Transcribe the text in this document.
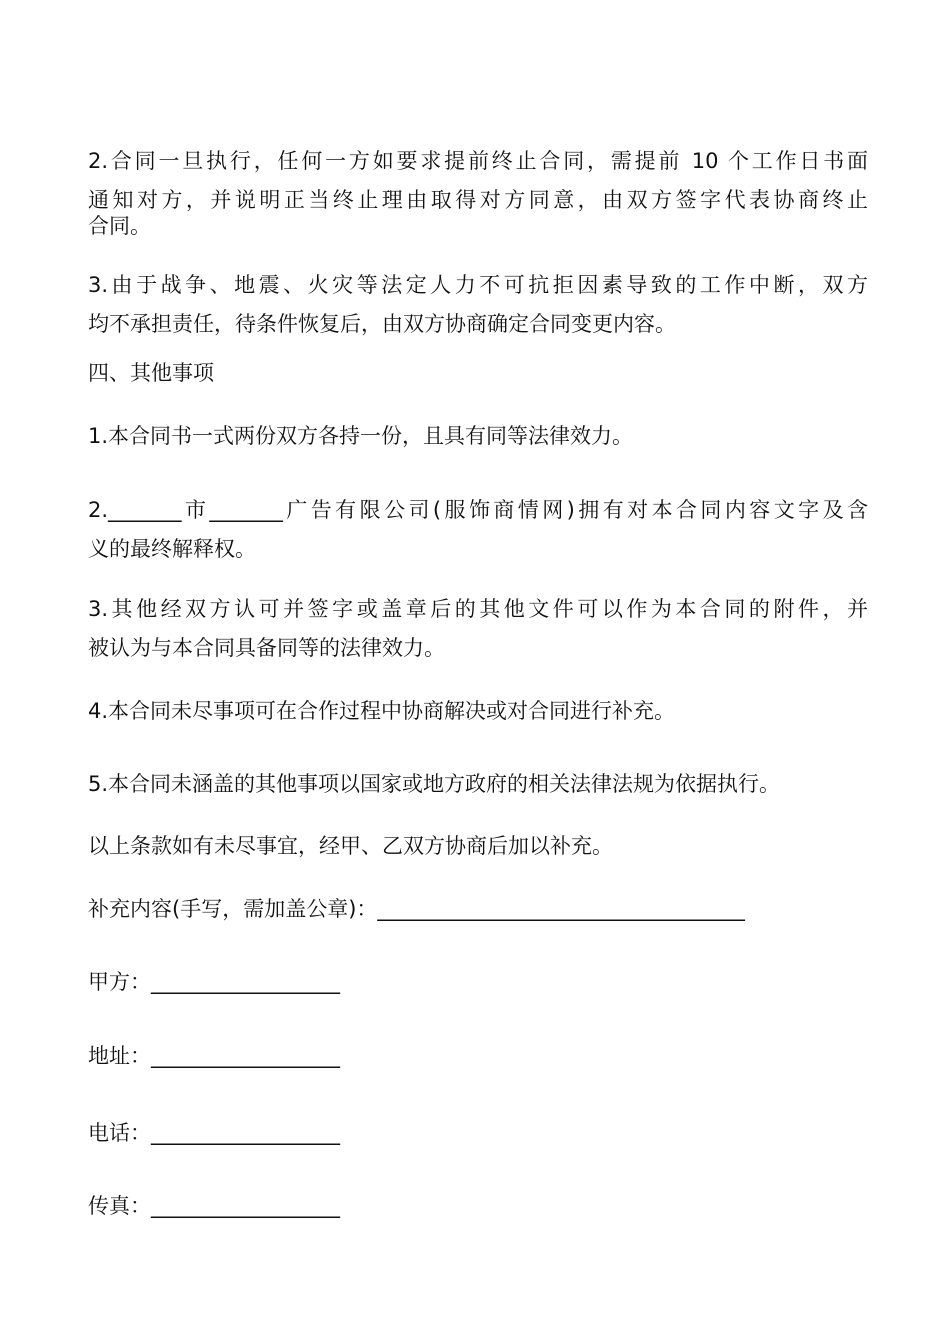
2.合同一旦执行，任何一方如要求提前终止合同，需提前 10 个工作日书面
通知对方，并说明正当终止理由取得对方同意，由双方签字代表协商终止
合同。
3.由于战争、地震、火灾等法定人力不可抗拒因素导致的工作中断，双方
均不承担责任，待条件恢复后，由双方协商确定合同变更内容。
四、其他事项
1.本合同书一式两份双方各持一份，且具有同等法律效力。
2._______市_______广告有限公司(服饰商情网)拥有对本合同内容文字及含
义的最终解释权。
3.其他经双方认可并签字或盖章后的其他文件可以作为本合同的附件，并
被认为与本合同具备同等的法律效力。
4.本合同未尽事项可在合作过程中协商解决或对合同进行补充。
5.本合同未涵盖的其他事项以国家或地方政府的相关法律法规为依据执行。
以上条款如有未尽事宜，经甲、乙双方协商后加以补充。
补充内容(手写，需加盖公章)：___________________________________
甲方：__________________
地址：__________________
电话：__________________
传真：__________________
